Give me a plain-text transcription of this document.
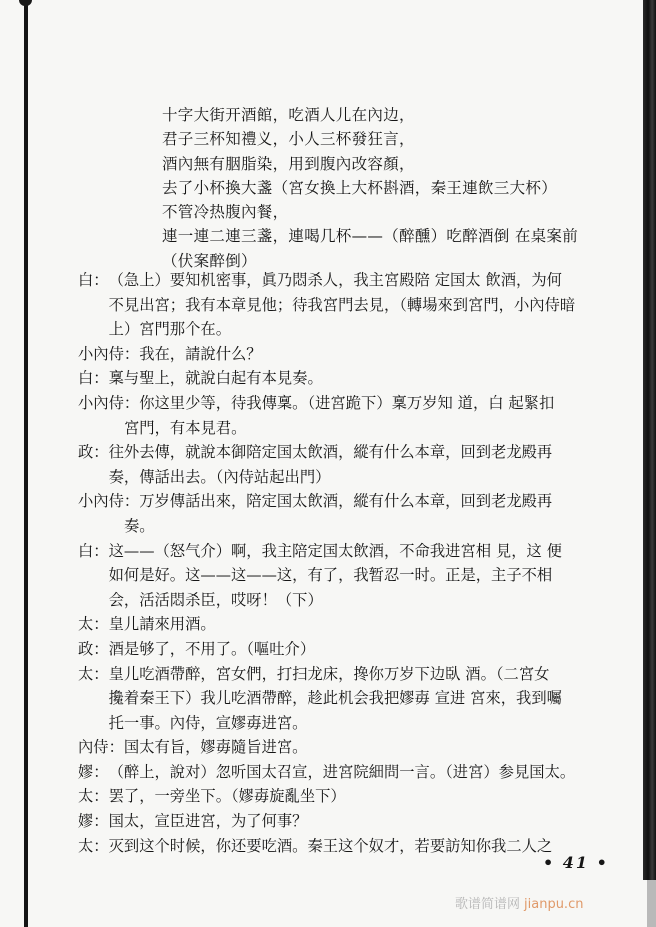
十字大街开酒館，吃酒人儿在內边，
君子三杯知禮义，小人三杯發狂言，
酒內無有胭脂染，用到腹內改容顏，
去了小杯換大盞（宮女換上大杯斟酒，秦王連飲三大杯）
不管冷热腹內餐，
連一連二連三盞，連喝几杯——（醉醺）吃醉酒倒 在桌案前
（伏案醉倒）
白： （急上）要知机密事，眞乃悶杀人，我主宮殿陪 定国太 飲酒，为何
不見出宮；我有本章見他；待我宮門去見，（轉場來到宮門，小內侍暗
上）宮門那个在。
小內侍： 我在，請說什么？
白： 稟与聖上，就說白起有本見奏。
小內侍： 你这里少等，待我傳稟。（进宮跪下）稟万岁知 道，白 起緊扣
宮門，有本見君。
政： 往外去傳，就說本御陪定国太飲酒，縱有什么本章，回到老龙殿再
奏，傳話出去。（內侍站起出門）
小內侍： 万岁傳話出來，陪定国太飲酒，縱有什么本章，回到老龙殿再
奏。
白： 这——（怒气介）啊，我主陪定国太飲酒，不命我进宮相 見，这 便
如何是好。这——这——这，有了，我暂忍一时。正是，主子不相
会，活活悶杀臣，哎呀！（下）
太： 皇儿請來用酒。
政： 酒是够了，不用了。（嘔吐介）
太： 皇儿吃酒帶醉，宮女們，打扫龙床，搀你万岁下边臥 酒。（二宮女
攙着秦王下）我儿吃酒帶醉，趁此机会我把嫪毐 宣进 宮來，我到囑
托一事。內侍，宣嫪毐进宮。
內侍： 国太有旨，嫪毐隨旨进宮。
嫪： （醉上，說对）忽听国太召宣，进宮院細問一言。（进宮）参見国太。
太： 罢了，一旁坐下。（嫪毐旋亂坐下）
嫪： 国太，宣臣进宮，为了何事？
太： 灭到这个时候，你还要吃酒。秦王这个奴才，若要訪知你我二人之
• 41 •
歌谱简谱网 jianpu.cn
